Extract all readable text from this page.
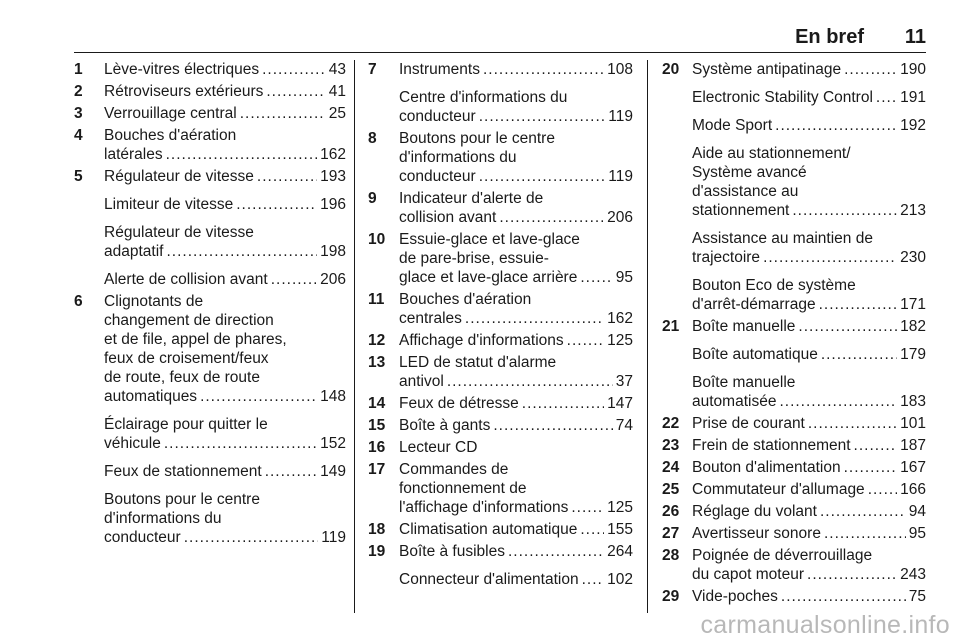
En bref 11
1 Lève-vitres électriques .....	43
2 Rétroviseurs extérieurs .....	41
3 Verrouillage central .....	25
4 Bouches d'aération
latérales .....	162
5 Régulateur de vitesse .....	193
Limiteur de vitesse .....	196
Régulateur de vitesse
adaptatif .....	198
Alerte de collision avant .....	206
6 Clignotants de
changement de direction
et de file, appel de phares,
feux de croisement/feux
de route, feux de route
automatiques .....	148
Éclairage pour quitter le
véhicule .....	152
Feux de stationnement .....	149
Boutons pour le centre
d'informations du
conducteur .....	119
7 Instruments .....	108
Centre d'informations du
conducteur .....	119
8 Boutons pour le centre
d'informations du
conducteur .....	119
9 Indicateur d'alerte de
collision avant .....	206
10 Essuie-glace et lave-glace
de pare-brise, essuie-
glace et lave-glace arrière ..... 95
11 Bouches d'aération
centrales .....	162
12 Affichage d'informations .....	125
13 LED de statut d'alarme
antivol .....	37
14 Feux de détresse .....	147
15 Boîte à gants .....	74
16 Lecteur CD
17 Commandes de
fonctionnement de
l'affichage d'informations .....	125
18 Climatisation automatique ..... 155
19 Boîte à fusibles .....	264
Connecteur d'alimentation ..... 102
20 Système antipatinage .....	190
Electronic Stability Control ..... 191
Mode Sport .....	192
Aide au stationnement/
Système avancé
d'assistance au
stationnement .....	213
Assistance au maintien de
trajectoire .....	230
Bouton Eco de système
d'arrêt-démarrage .....	171
21 Boîte manuelle .....	182
Boîte automatique .....	179
Boîte manuelle
automatisée .....	183
22 Prise de courant .....	101
23 Frein de stationnement .....	187
24 Bouton d'alimentation .....	167
25 Commutateur d'allumage ..... 166
26 Réglage du volant .....	94
27 Avertisseur sonore .....	95
28 Poignée de déverrouillage
du capot moteur .....	243
29 Vide-poches .....	75
carmanualsonline.info
